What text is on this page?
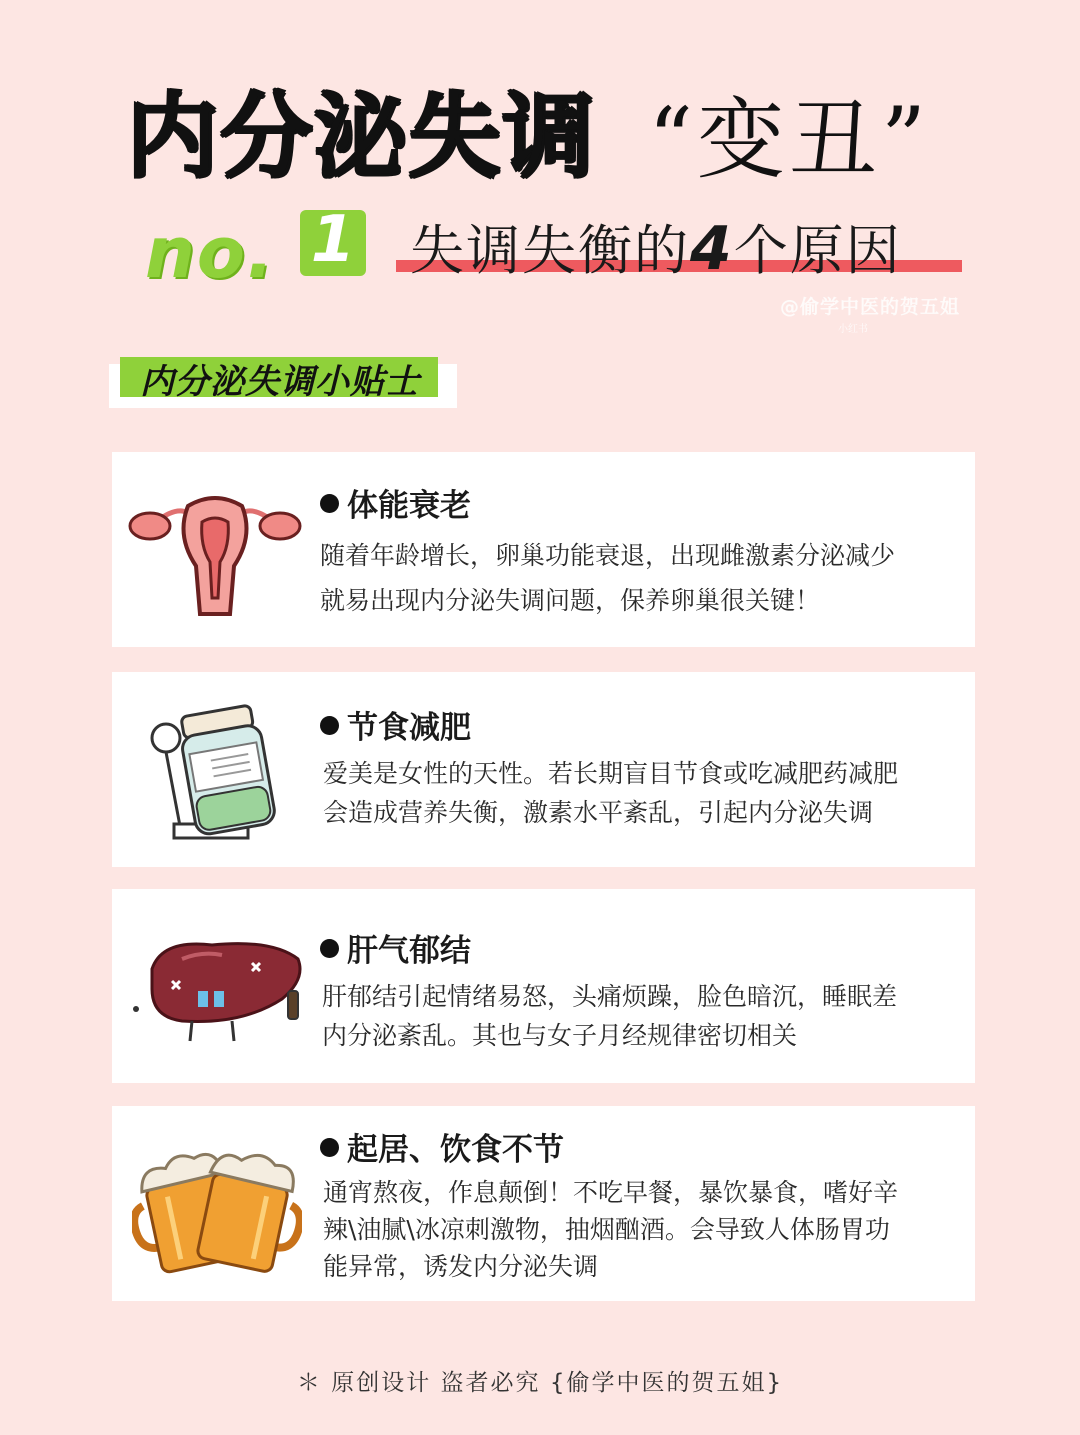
内分泌失调 “变丑”
no. 1 失调失衡的4个原因
@偷学中医的贺五姐
小红书
内分泌失调小贴士
体能衰老
随着年龄增长，卵巢功能衰退，出现雌激素分泌减少
就易出现内分泌失调问题，保养卵巢很关键！
节食减肥
爱美是女性的天性。若长期盲目节食或吃减肥药减肥
会造成营养失衡，激素水平紊乱，引起内分泌失调
肝气郁结
肝郁结引起情绪易怒，头痛烦躁，脸色暗沉，睡眠差
内分泌紊乱。其也与女子月经规律密切相关
起居、饮食不节
通宵熬夜，作息颠倒！不吃早餐，暴饮暴食，嗜好辛
辣\油腻\冰凉刺激物，抽烟酗酒。会导致人体肠胃功
能异常，诱发内分泌失调
＊ 原创设计 盗者必究 {偷学中医的贺五姐}
